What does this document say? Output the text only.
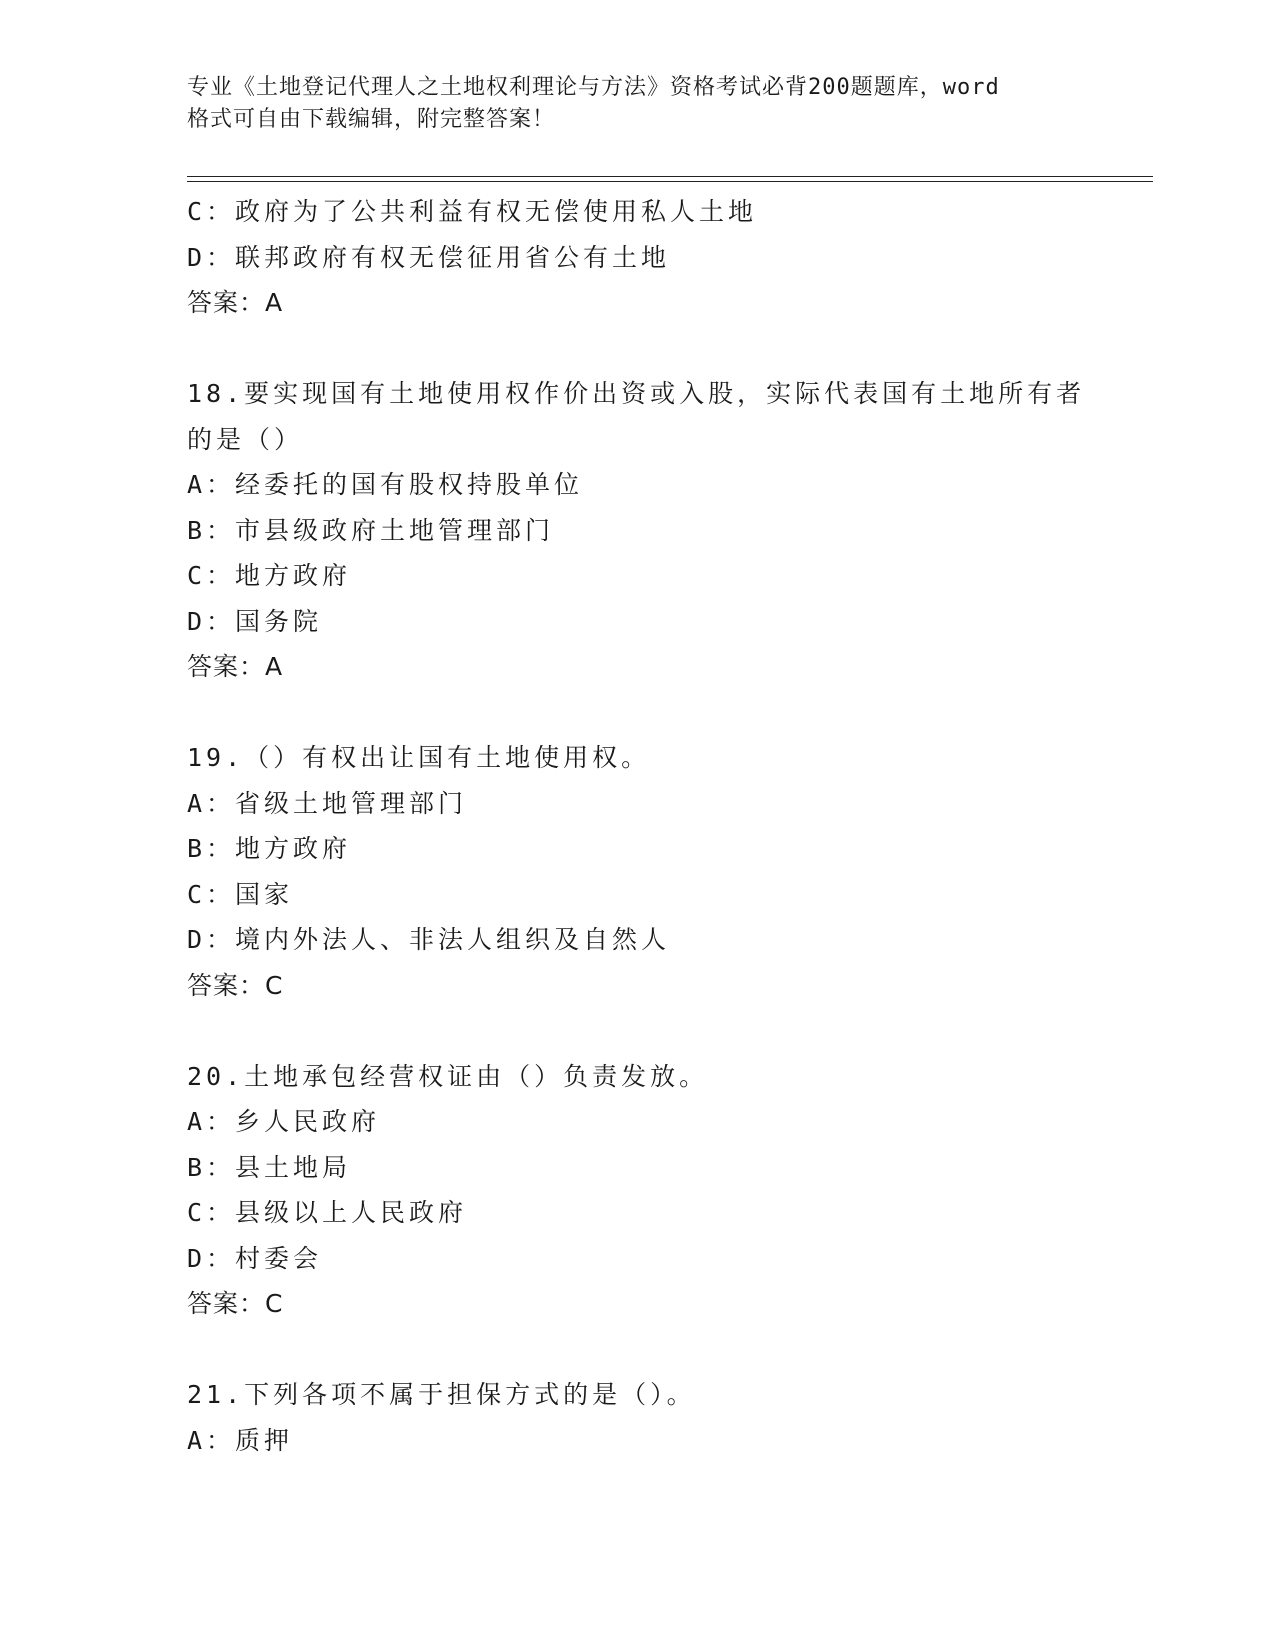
专业《土地登记代理人之土地权利理论与方法》资格考试必背200题题库，word
格式可自由下载编辑，附完整答案！
C：政府为了公共利益有权无偿使用私人土地
D：联邦政府有权无偿征用省公有土地
答案：A
18.要实现国有土地使用权作价出资或入股，实际代表国有土地所有者
的是（）
A：经委托的国有股权持股单位
B：市县级政府土地管理部门
C：地方政府
D：国务院
答案：A
19.（）有权出让国有土地使用权。
A：省级土地管理部门
B：地方政府
C：国家
D：境内外法人、非法人组织及自然人
答案：C
20.土地承包经营权证由（）负责发放。
A：乡人民政府
B：县土地局
C：县级以上人民政府
D：村委会
答案：C
21.下列各项不属于担保方式的是（）。
A：质押
